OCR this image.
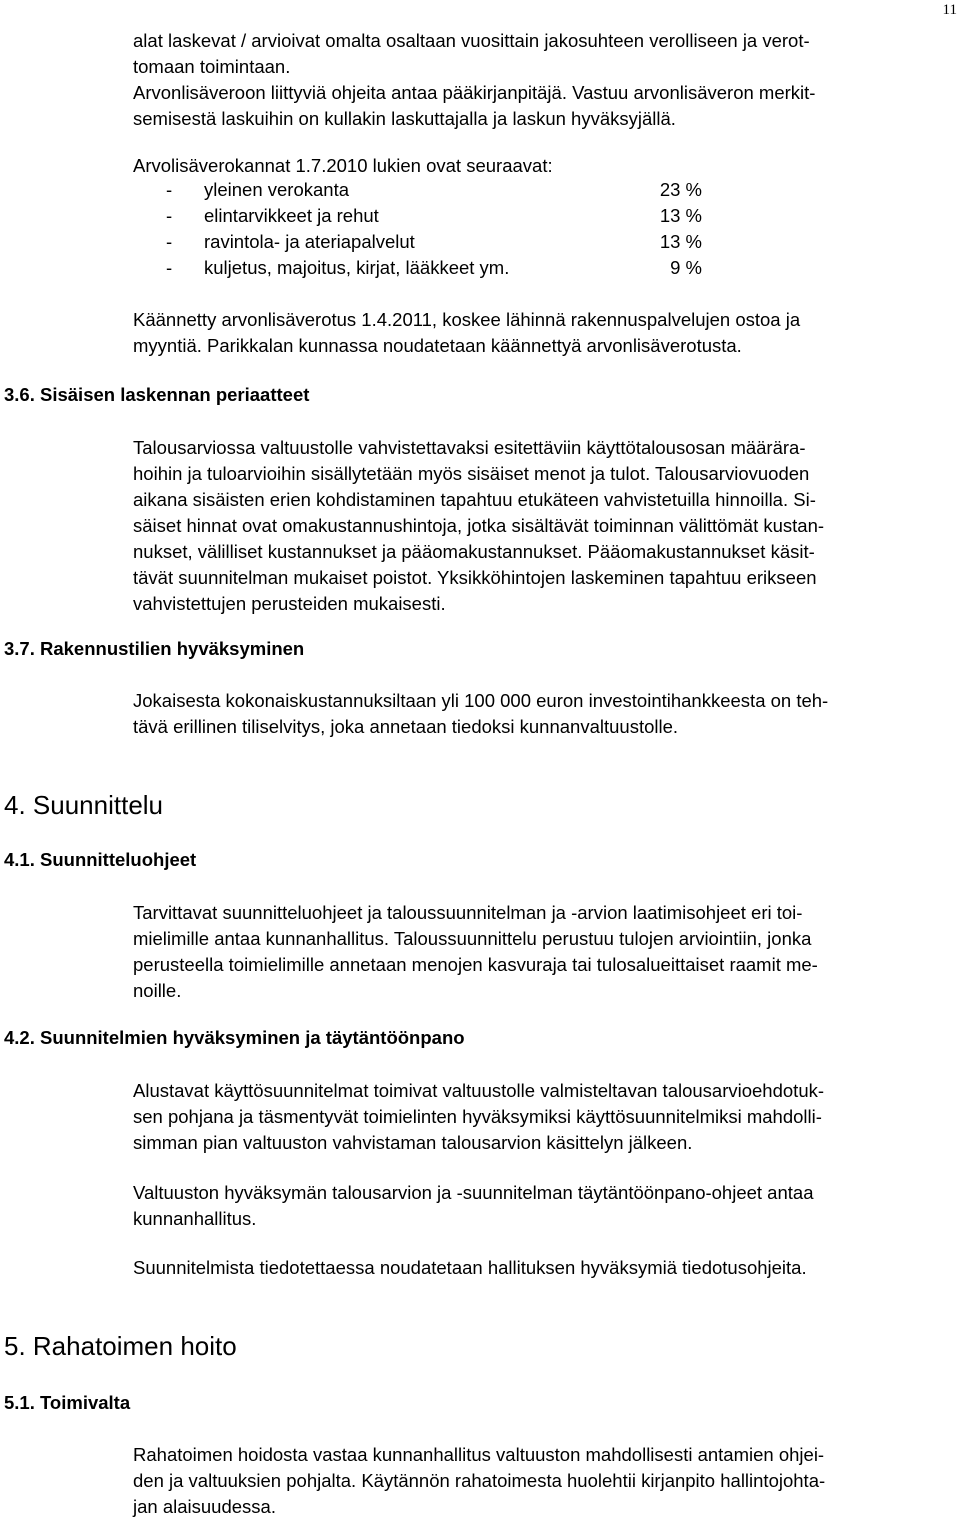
11
alat laskevat / arvioivat omalta osaltaan vuosittain jakosuhteen verolliseen ja verot-
tomaan toimintaan.
Arvonlisäveroon liittyviä ohjeita antaa pääkirjanpitäjä. Vastuu arvonlisäveron merkit-
semisestä laskuihin on kullakin laskuttajalla ja laskun hyväksyjällä.
Arvolisäverokannat 1.7.2010 lukien ovat seuraavat:
- yleinen verokanta	23 %
- elintarvikkeet ja rehut	13 %
- ravintola- ja ateriapalvelut	13 %
- kuljetus, majoitus, kirjat, lääkkeet ym.	9 %
Käännetty arvonlisäverotus 1.4.2011, koskee lähinnä rakennuspalvelujen ostoa ja
myyntiä. Parikkalan kunnassa noudatetaan käännettyä arvonlisäverotusta.
3.6. Sisäisen laskennan periaatteet
Talousarviossa valtuustolle vahvistettavaksi esitettäviin käyttötalousosan määrära-
hoihin ja tuloarvioihin sisällytetään myös sisäiset menot ja tulot. Talousarviovuoden
aikana sisäisten erien kohdistaminen tapahtuu etukäteen vahvistetuilla hinnoilla. Si-
säiset hinnat ovat omakustannushintoja, jotka sisältävät toiminnan välittömät kustan-
nukset, välilliset kustannukset ja pääomakustannukset. Pääomakustannukset käsit-
tävät suunnitelman mukaiset poistot. Yksikköhintojen laskeminen tapahtuu erikseen
vahvistettujen perusteiden mukaisesti.
3.7. Rakennustilien hyväksyminen
Jokaisesta kokonaiskustannuksiltaan yli 100 000 euron investointihankkeesta on teh-
tävä erillinen tiliselvitys, joka annetaan tiedoksi kunnanvaltuustolle.
4. Suunnittelu
4.1. Suunnitteluohjeet
Tarvittavat suunnitteluohjeet ja taloussuunnitelman ja -arvion laatimisohjeet eri toi-
mielimille antaa kunnanhallitus. Taloussuunnittelu perustuu tulojen arviointiin, jonka
perusteella toimielimille annetaan menojen kasvuraja tai tulosalueittaiset raamit me-
noille.
4.2. Suunnitelmien hyväksyminen ja täytäntöönpano
Alustavat käyttösuunnitelmat toimivat valtuustolle valmisteltavan talousarvioehdotuk-
sen pohjana ja täsmentyvät toimielinten hyväksymiksi käyttösuunnitelmiksi mahdolli-
simman pian valtuuston vahvistaman talousarvion käsittelyn jälkeen.
Valtuuston hyväksymän talousarvion ja -suunnitelman täytäntöönpano-ohjeet antaa
kunnanhallitus.
Suunnitelmista tiedotettaessa noudatetaan hallituksen hyväksymiä tiedotusohjeita.
5. Rahatoimen hoito
5.1. Toimivalta
Rahatoimen hoidosta vastaa kunnanhallitus valtuuston mahdollisesti antamien ohjei-
den ja valtuuksien pohjalta. Käytännön rahatoimesta huolehtii kirjanpito hallintojohta-
jan alaisuudessa.
